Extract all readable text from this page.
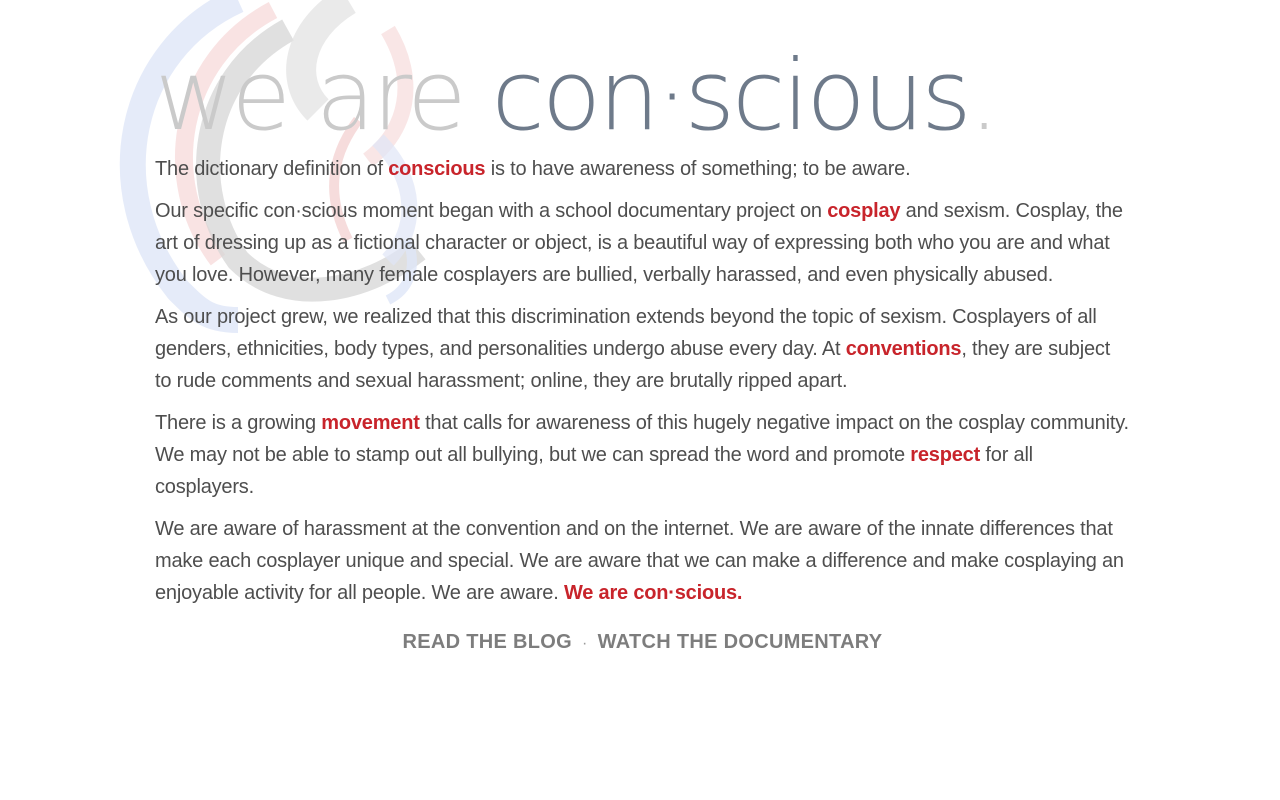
we are con·scious.

The dictionary definition of conscious is to have awareness of something; to be aware.

Our specific con·scious moment began with a school documentary project on cosplay and sexism. Cosplay, the art of dressing up as a fictional character or object, is a beautiful way of expressing both who you are and what you love. However, many female cosplayers are bullied, verbally harassed, and even physically abused.

As our project grew, we realized that this discrimination extends beyond the topic of sexism. Cosplayers of all genders, ethnicities, body types, and personalities undergo abuse every day. At conventions, they are subject to rude comments and sexual harassment; online, they are brutally ripped apart.

There is a growing movement that calls for awareness of this hugely negative impact on the cosplay community. We may not be able to stamp out all bullying, but we can spread the word and promote respect for all cosplayers.

We are aware of harassment at the convention and on the internet. We are aware of the innate differences that make each cosplayer unique and special. We are aware that we can make a difference and make cosplaying an enjoyable activity for all people. We are aware. We are con·scious.

READ THE BLOG · WATCH THE DOCUMENTARY
